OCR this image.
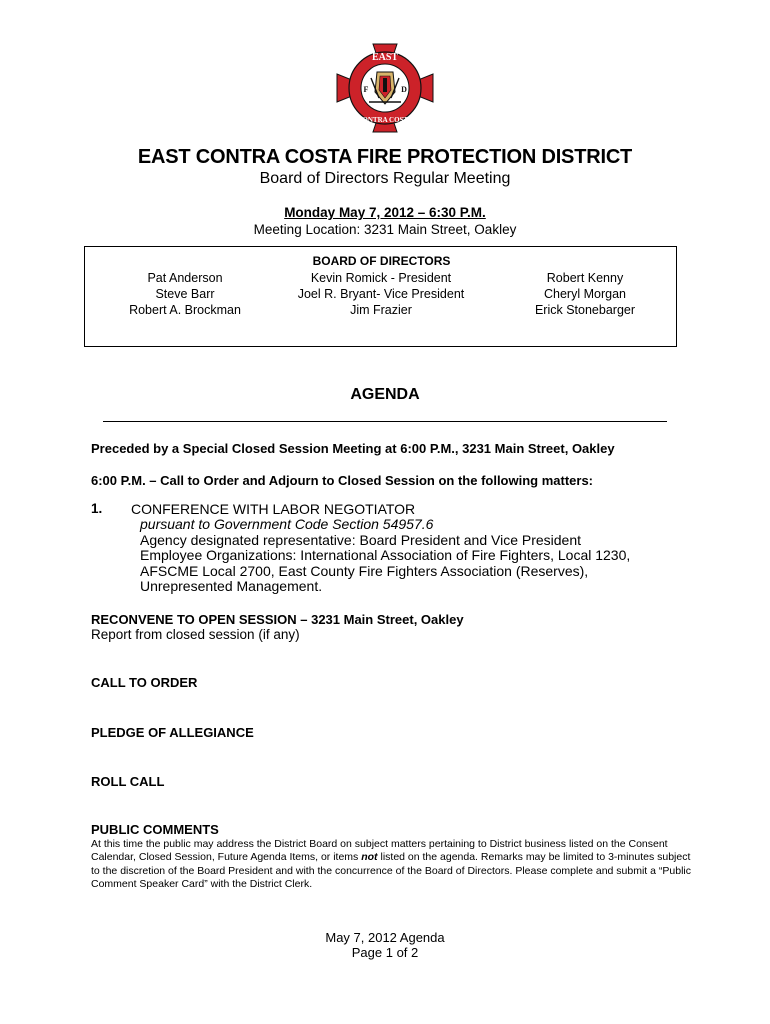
EAST
CONTRA COSTA
F	D
EAST CONTRA COSTA FIRE PROTECTION DISTRICT
Board of Directors Regular Meeting
Monday May 7, 2012 – 6:30 P.M.
Meeting Location: 3231 Main Street, Oakley
BOARD OF DIRECTORS
Pat Anderson
Steve Barr
Robert A. Brockman
Kevin Romick - President
Joel R. Bryant- Vice President
Jim Frazier
Robert Kenny
Cheryl Morgan
Erick Stonebarger
AGENDA
Preceded by a Special Closed Session Meeting at 6:00 P.M., 3231 Main Street, Oakley
6:00 P.M. – Call to Order and Adjourn to Closed Session on the following matters:
1. CONFERENCE WITH LABOR NEGOTIATOR
pursuant to Government Code Section 54957.6
Agency designated representative: Board President and Vice President
Employee Organizations: International Association of Fire Fighters, Local 1230,
AFSCME Local 2700, East County Fire Fighters Association (Reserves),
Unrepresented Management.
RECONVENE TO OPEN SESSION – 3231 Main Street, Oakley
Report from closed session (if any)
CALL TO ORDER
PLEDGE OF ALLEGIANCE
ROLL CALL
PUBLIC COMMENTS
At this time the public may address the District Board on subject matters pertaining to District business listed on the Consent Calendar, Closed Session, Future Agenda Items, or items not listed on the agenda. Remarks may be limited to 3-minutes subject to the discretion of the Board President and with the concurrence of the Board of Directors. Please complete and submit a “Public Comment Speaker Card” with the District Clerk.
May 7, 2012 Agenda
Page 1 of 2
